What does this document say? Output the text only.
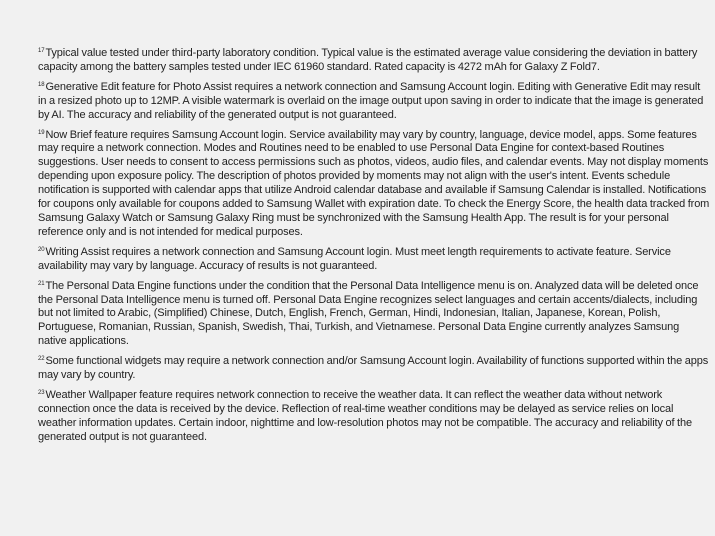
$^{17}$Typical value tested under third-party laboratory condition. Typical value is the estimated average value considering the deviation in battery capacity among the battery samples tested under IEC 61960 standard. Rated capacity is 4272 mAh for Galaxy Z Fold7.

$^{18}$Generative Edit feature for Photo Assist requires a network connection and Samsung Account login. Editing with Generative Edit may result in a resized photo up to 12MP. A visible watermark is overlaid on the image output upon saving in order to indicate that the image is generated by AI. The accuracy and reliability of the generated output is not guaranteed.

$^{19}$Now Brief feature requires Samsung Account login. Service availability may vary by country, language, device model, apps. Some features may require a network connection. Modes and Routines need to be enabled to use Personal Data Engine for context-based Routines suggestions. User needs to consent to access permissions such as photos, videos, audio files, and calendar events. May not display moments depending upon exposure policy. The description of photos provided by moments may not align with the user's intent. Events schedule notification is supported with calendar apps that utilize Android calendar database and available if Samsung Calendar is installed. Notifications for coupons only available for coupons added to Samsung Wallet with expiration date. To check the Energy Score, the health data tracked from Samsung Galaxy Watch or Samsung Galaxy Ring must be synchronized with the Samsung Health App. The result is for your personal reference only and is not intended for medical purposes.

$^{20}$Writing Assist requires a network connection and Samsung Account login. Must meet length requirements to activate feature. Service availability may vary by language. Accuracy of results is not guaranteed.

$^{21}$The Personal Data Engine functions under the condition that the Personal Data Intelligence menu is on. Analyzed data will be deleted once the Personal Data Intelligence menu is turned off. Personal Data Engine recognizes select languages and certain accents/dialects, including but not limited to Arabic, (Simplified) Chinese, Dutch, English, French, German, Hindi, Indonesian, Italian, Japanese, Korean, Polish, Portuguese, Romanian, Russian, Spanish, Swedish, Thai, Turkish, and Vietnamese. Personal Data Engine currently analyzes Samsung native applications.

$^{22}$Some functional widgets may require a network connection and/or Samsung Account login. Availability of functions supported within the apps may vary by country.

$^{23}$Weather Wallpaper feature requires network connection to receive the weather data. It can reflect the weather data without network connection once the data is received by the device. Reflection of real-time weather conditions may be delayed as service relies on local weather information updates. Certain indoor, nighttime and low-resolution photos may not be compatible. The accuracy and reliability of the generated output is not guaranteed.
